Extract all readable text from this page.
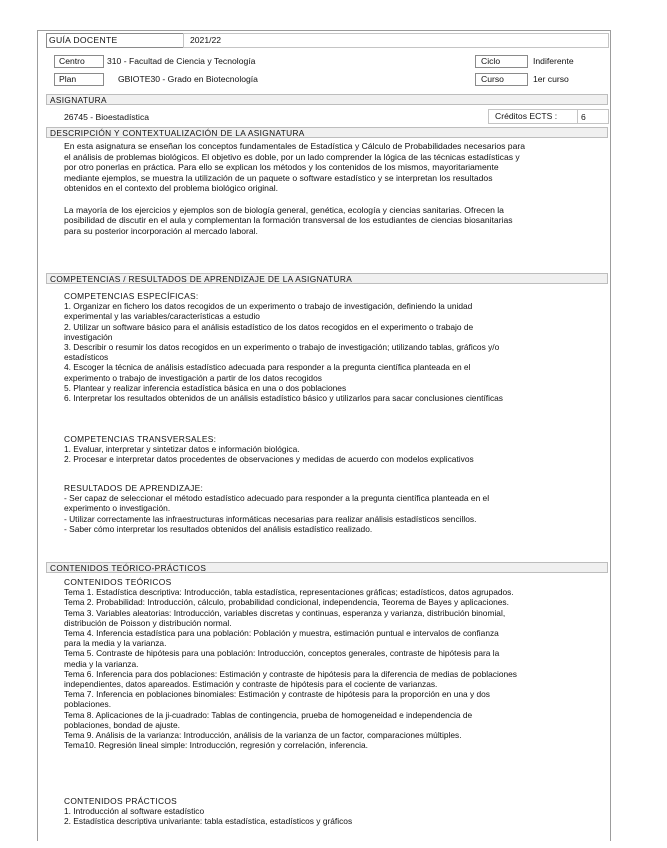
GUÍA DOCENTE	2021/22
Centro	310 - Facultad de Ciencia y Tecnología	Ciclo	Indiferente
Plan	GBIOTE30 - Grado en Biotecnología	Curso	1er curso
ASIGNATURA
26745 - Bioestadística	Créditos ECTS :	6
DESCRIPCIÓN Y CONTEXTUALIZACIÓN DE LA ASIGNATURA
En esta asignatura se enseñan los conceptos fundamentales de Estadística y Cálculo de Probabilidades necesarios para
el análisis de problemas biológicos. El objetivo es doble, por un lado comprender la lógica de las técnicas estadísticas y
por otro ponerlas en práctica. Para ello se explican los métodos y los contenidos de los mismos, mayoritariamente
mediante ejemplos, se muestra la utilización de un paquete o software estadístico y se interpretan los resultados
obtenidos en el contexto del problema biológico original.
La mayoría de los ejercicios y ejemplos son de biología general, genética, ecología y ciencias sanitarias. Ofrecen la
posibilidad de discutir en el aula y complementan la formación transversal de los estudiantes de ciencias biosanitarias
para su posterior incorporación al mercado laboral.
COMPETENCIAS / RESULTADOS DE APRENDIZAJE DE LA ASIGNATURA
COMPETENCIAS ESPECÍFICAS:
1. Organizar en fichero los datos recogidos de un experimento o trabajo de investigación, definiendo la unidad
experimental y las variables/características a estudio
2. Utilizar un software básico para el análisis estadístico de los datos recogidos en el experimento o trabajo de
investigación
3. Describir o resumir los datos recogidos en un experimento o trabajo de investigación; utilizando tablas, gráficos y/o
estadísticos
4. Escoger la técnica de análisis estadístico adecuada para responder a la pregunta científica planteada en el
experimento o trabajo de investigación a partir de los datos recogidos
5. Plantear y realizar inferencia estadística básica en una o dos poblaciones
6. Interpretar los resultados obtenidos de un análisis estadístico básico y utilizarlos para sacar conclusiones científicas
COMPETENCIAS TRANSVERSALES:
1. Evaluar, interpretar y sintetizar datos e información biológica.
2. Procesar e interpretar datos procedentes de observaciones y medidas de acuerdo con modelos explicativos
RESULTADOS DE APRENDIZAJE:
- Ser capaz de seleccionar el método estadístico adecuado para responder a la pregunta científica planteada en el
experimento o investigación.
- Utilizar correctamente las infraestructuras informáticas necesarias para realizar análisis estadísticos sencillos.
- Saber cómo interpretar los resultados obtenidos del análisis estadístico realizado.
CONTENIDOS TEÓRICO-PRÁCTICOS
CONTENIDOS TEÓRICOS
Tema 1. Estadística descriptiva: Introducción, tabla estadística, representaciones gráficas; estadísticos, datos agrupados.
Tema 2. Probabilidad: Introducción, cálculo, probabilidad condicional, independencia, Teorema de Bayes y aplicaciones.
Tema 3. Variables aleatorias: Introducción, variables discretas y continuas, esperanza y varianza, distribución binomial,
distribución de Poisson y distribución normal.
Tema 4. Inferencia estadística para una población: Población y muestra, estimación puntual e intervalos de confianza
para la media y la varianza.
Tema 5. Contraste de hipótesis para una población: Introducción, conceptos generales, contraste de hipótesis para la
media y la varianza.
Tema 6. Inferencia para dos poblaciones: Estimación y contraste de hipótesis para la diferencia de medias de poblaciones
independientes, datos apareados. Estimación y contraste de hipótesis para el cociente de varianzas.
Tema 7. Inferencia en poblaciones binomiales: Estimación y contraste de hipótesis para la proporción en una y dos
poblaciones.
Tema 8. Aplicaciones de la ji-cuadrado: Tablas de contingencia, prueba de homogeneidad e independencia de
poblaciones, bondad de ajuste.
Tema 9. Análisis de la varianza: Introducción, análisis de la varianza de un factor, comparaciones múltiples.
Tema10. Regresión lineal simple: Introducción, regresión y correlación, inferencia.
CONTENIDOS PRÁCTICOS
1. Introducción al software estadístico
2. Estadística descriptiva univariante: tabla estadística, estadísticos y gráficos
